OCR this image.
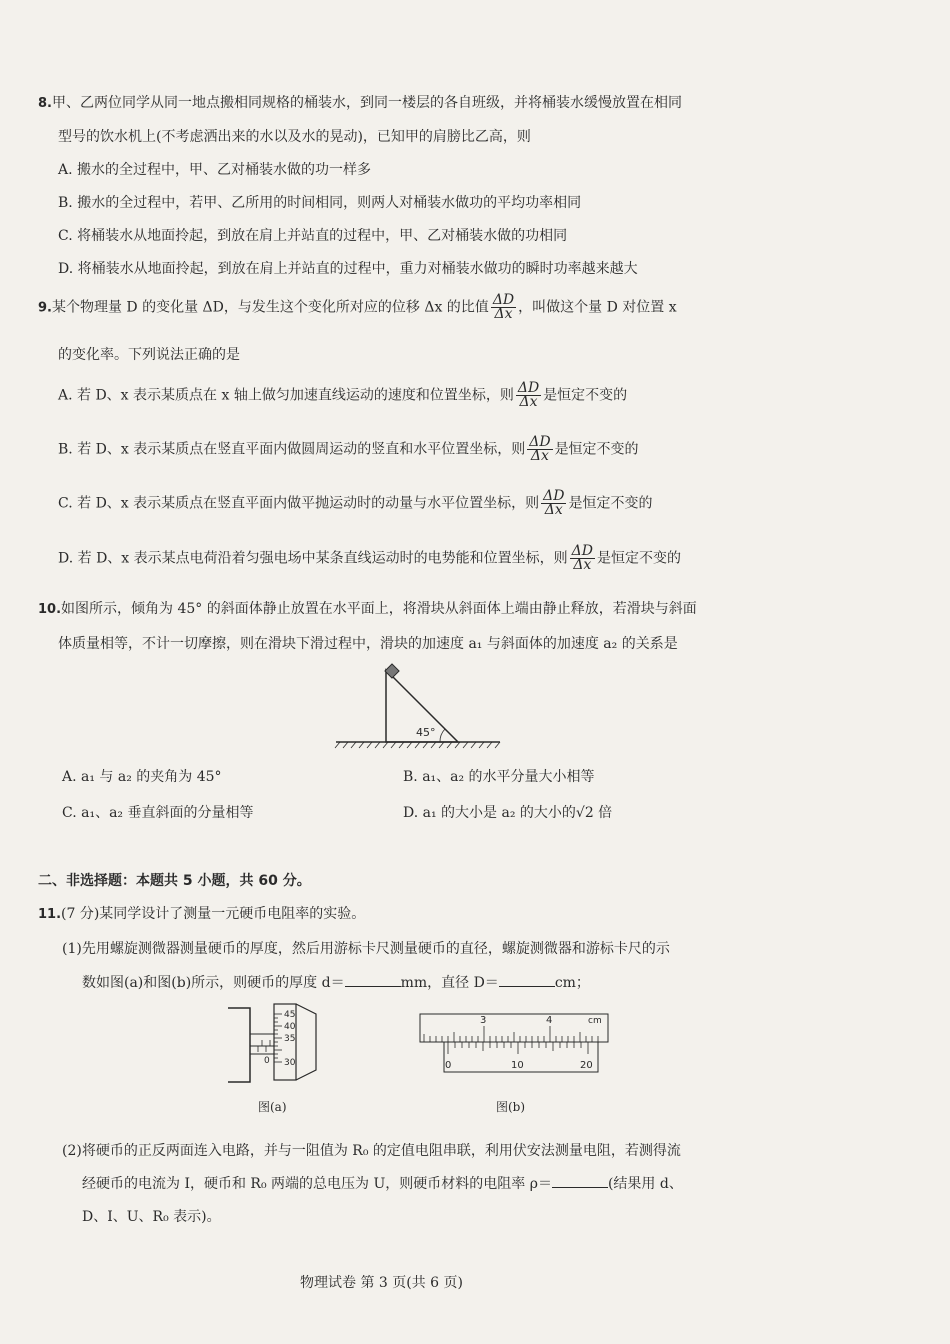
8.甲、乙两位同学从同一地点搬相同规格的桶装水，到同一楼层的各自班级，并将桶装水缓慢放置在相同
型号的饮水机上(不考虑洒出来的水以及水的晃动)，已知甲的肩膀比乙高，则
A. 搬水的全过程中，甲、乙对桶装水做的功一样多
B. 搬水的全过程中，若甲、乙所用的时间相同，则两人对桶装水做功的平均功率相同
C. 将桶装水从地面拎起，到放在肩上并站直的过程中，甲、乙对桶装水做的功相同
D. 将桶装水从地面拎起，到放在肩上并站直的过程中，重力对桶装水做功的瞬时功率越来越大
9.某个物理量 D 的变化量 ΔD，与发生这个变化所对应的位移 Δx 的比值 $\frac{\Delta D}{\Delta x}$ ，叫做这个量 D 对位置 x
的变化率。下列说法正确的是
A. 若 D、x 表示某质点在 x 轴上做匀加速直线运动的速度和位置坐标，则 $\frac{\Delta D}{\Delta x}$ 是恒定不变的
B. 若 D、x 表示某质点在竖直平面内做圆周运动的竖直和水平位置坐标，则 $\frac{\Delta D}{\Delta x}$ 是恒定不变的
C. 若 D、x 表示某质点在竖直平面内做平抛运动时的动量与水平位置坐标，则 $\frac{\Delta D}{\Delta x}$ 是恒定不变的
D. 若 D、x 表示某点电荷沿着匀强电场中某条直线运动时的电势能和位置坐标，则 $\frac{\Delta D}{\Delta x}$ 是恒定不变的
10.如图所示，倾角为 45° 的斜面体静止放置在水平面上，将滑块从斜面体上端由静止释放，若滑块与斜面
体质量相等，不计一切摩擦，则在滑块下滑过程中，滑块的加速度 a₁ 与斜面体的加速度 a₂ 的关系是
45°
A. a₁ 与 a₂ 的夹角为 45°	B. a₁、a₂ 的水平分量大小相等
C. a₁、a₂ 垂直斜面的分量相等	D. a₁ 的大小是 a₂ 的大小的√2 倍
二、非选择题：本题共 5 小题，共 60 分。
11.(7 分)某同学设计了测量一元硬币电阻率的实验。
(1)先用螺旋测微器测量硬币的厚度，然后用游标卡尺测量硬币的直径，螺旋测微器和游标卡尺的示
数如图(a)和图(b)所示，则硬币的厚度 d＝	mm，直径 D＝	cm；
45
40
35
30
0
图(a)
3	4	cm
0	10	20
图(b)
(2)将硬币的正反两面连入电路，并与一阻值为 R₀ 的定值电阻串联，利用伏安法测量电阻，若测得流
经硬币的电流为 I，硬币和 R₀ 两端的总电压为 U，则硬币材料的电阻率 ρ＝	(结果用 d、
D、I、U、R₀ 表示)。
物理试卷 第 3 页(共 6 页)
